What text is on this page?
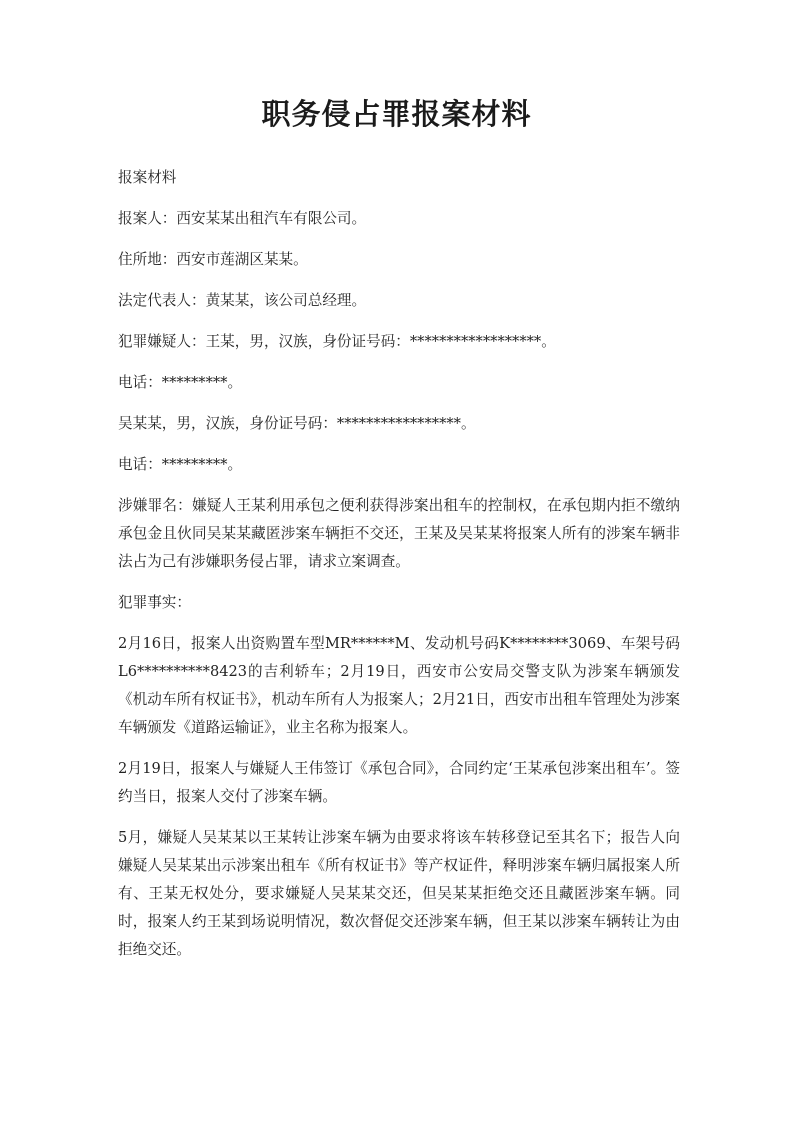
职务侵占罪报案材料

报案材料

报案人：西安某某出租汽车有限公司。

住所地：西安市莲湖区某某。

法定代表人：黄某某，该公司总经理。

犯罪嫌疑人：王某，男，汉族，身份证号码：******************。

电话：*********。

吴某某，男，汉族，身份证号码：*****************。

电话：*********。

涉嫌罪名：嫌疑人王某利用承包之便利获得涉案出租车的控制权，在承包期内拒不缴纳承包金且伙同吴某某藏匿涉案车辆拒不交还，王某及吴某某将报案人所有的涉案车辆非法占为己有涉嫌职务侵占罪，请求立案调查。

犯罪事实：

2月16日，报案人出资购置车型MR******M、发动机号码K********3069、车架号码L6**********8423的吉利轿车；2月19日，西安市公安局交警支队为涉案车辆颁发《机动车所有权证书》，机动车所有人为报案人；2月21日，西安市出租车管理处为涉案车辆颁发《道路运输证》，业主名称为报案人。

2月19日，报案人与嫌疑人王伟签订《承包合同》，合同约定‘王某承包涉案出租车’。签约当日，报案人交付了涉案车辆。

5月，嫌疑人吴某某以王某转让涉案车辆为由要求将该车转移登记至其名下；报告人向嫌疑人吴某某出示涉案出租车《所有权证书》等产权证件，释明涉案车辆归属报案人所有、王某无权处分，要求嫌疑人吴某某交还，但吴某某拒绝交还且藏匿涉案车辆。同时，报案人约王某到场说明情况，数次督促交还涉案车辆，但王某以涉案车辆转让为由拒绝交还。
